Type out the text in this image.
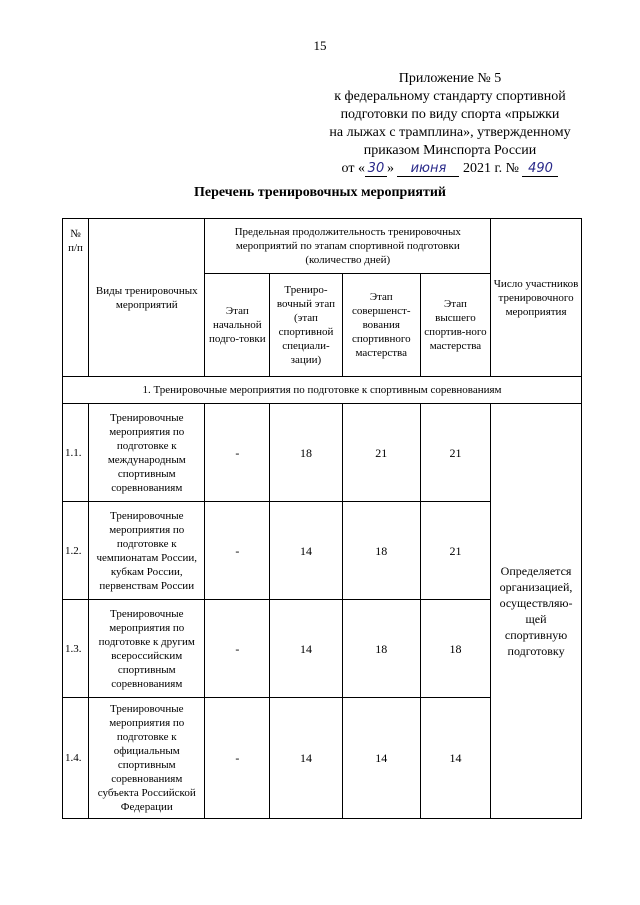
15
Приложение № 5
к федеральному стандарту спортивной
подготовки по виду спорта «прыжки
на лыжах с трамплина», утвержденному
приказом Минспорта России
от « 30 » июня 2021 г. № 490
Перечень тренировочных мероприятий
№ п/п	Виды тренировочных мероприятий	Предельная продолжительность тренировочных мероприятий по этапам спортивной подготовки (количество дней)				Число участников тренировочного мероприятия
		Этап начальной подго-товки	Трениро-вочный этап (этап спортивной специали-зации)	Этап совершенст-вования спортивного мастерства	Этап высшего спортив-ного мастерства	
1. Тренировочные мероприятия по подготовке к спортивным соревнованиям						
1.1.	Тренировочные мероприятия по подготовке к международным спортивным соревнованиям	-	18	21	21	Определяется организацией, осуществляю-щей спортивную подготовку
1.2.	Тренировочные мероприятия по подготовке к чемпионатам России, кубкам России, первенствам России	-	14	18	21	
1.3.	Тренировочные мероприятия по подготовке к другим всероссийским спортивным соревнованиям	-	14	18	18	
1.4.	Тренировочные мероприятия по подготовке к официальным спортивным соревнованиям субъекта Российской Федерации	-	14	14	14	
